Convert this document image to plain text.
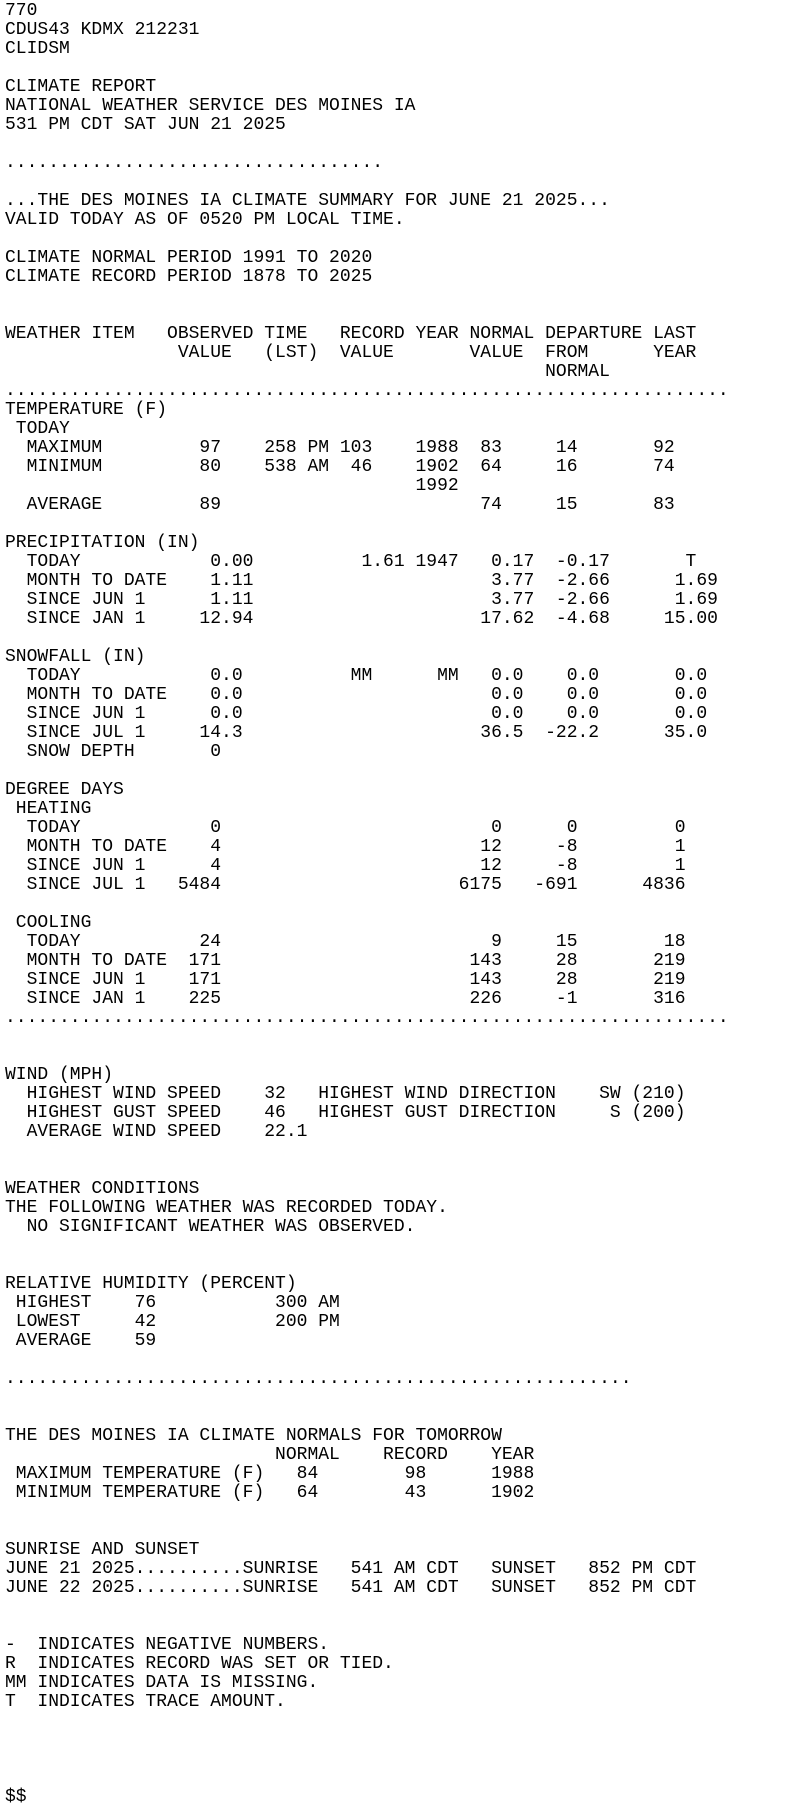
770
CDUS43 KDMX 212231
CLIDSM
CLIMATE REPORT
NATIONAL WEATHER SERVICE DES MOINES IA
531 PM CDT SAT JUN 21 2025
...................................
...THE DES MOINES IA CLIMATE SUMMARY FOR JUNE 21 2025...
VALID TODAY AS OF 0520 PM LOCAL TIME.
CLIMATE NORMAL PERIOD 1991 TO 2020
CLIMATE RECORD PERIOD 1878 TO 2025
WEATHER ITEM   OBSERVED TIME   RECORD YEAR NORMAL DEPARTURE LAST
VALUE   (LST)  VALUE       VALUE  FROM      YEAR
NORMAL
...................................................................
TEMPERATURE (F)
TODAY
MAXIMUM         97    258 PM 103    1988  83     14       92
MINIMUM         80    538 AM  46    1902  64     16       74
1992
AVERAGE         89                        74     15       83
PRECIPITATION (IN)
TODAY            0.00          1.61 1947   0.17  -0.17       T
MONTH TO DATE    1.11                      3.77  -2.66      1.69
SINCE JUN 1      1.11                      3.77  -2.66      1.69
SINCE JAN 1     12.94                     17.62  -4.68     15.00
SNOWFALL (IN)
TODAY            0.0          MM      MM   0.0    0.0       0.0
MONTH TO DATE    0.0                       0.0    0.0       0.0
SINCE JUN 1      0.0                       0.0    0.0       0.0
SINCE JUL 1     14.3                      36.5  -22.2      35.0
SNOW DEPTH       0
DEGREE DAYS
HEATING
TODAY            0                         0      0         0
MONTH TO DATE    4                        12     -8         1
SINCE JUN 1      4                        12     -8         1
SINCE JUL 1   5484                      6175   -691      4836
COOLING
TODAY           24                         9     15        18
MONTH TO DATE  171                       143     28       219
SINCE JUN 1    171                       143     28       219
SINCE JAN 1    225                       226     -1       316
...................................................................
WIND (MPH)
HIGHEST WIND SPEED    32   HIGHEST WIND DIRECTION    SW (210)
HIGHEST GUST SPEED    46   HIGHEST GUST DIRECTION     S (200)
AVERAGE WIND SPEED    22.1
WEATHER CONDITIONS
THE FOLLOWING WEATHER WAS RECORDED TODAY.
NO SIGNIFICANT WEATHER WAS OBSERVED.
RELATIVE HUMIDITY (PERCENT)
HIGHEST    76           300 AM
LOWEST     42           200 PM
AVERAGE    59
..........................................................
THE DES MOINES IA CLIMATE NORMALS FOR TOMORROW
NORMAL    RECORD    YEAR
MAXIMUM TEMPERATURE (F)   84        98      1988
MINIMUM TEMPERATURE (F)   64        43      1902
SUNRISE AND SUNSET
JUNE 21 2025..........SUNRISE   541 AM CDT   SUNSET   852 PM CDT
JUNE 22 2025..........SUNRISE   541 AM CDT   SUNSET   852 PM CDT
-  INDICATES NEGATIVE NUMBERS.
R  INDICATES RECORD WAS SET OR TIED.
MM INDICATES DATA IS MISSING.
T  INDICATES TRACE AMOUNT.
$$
